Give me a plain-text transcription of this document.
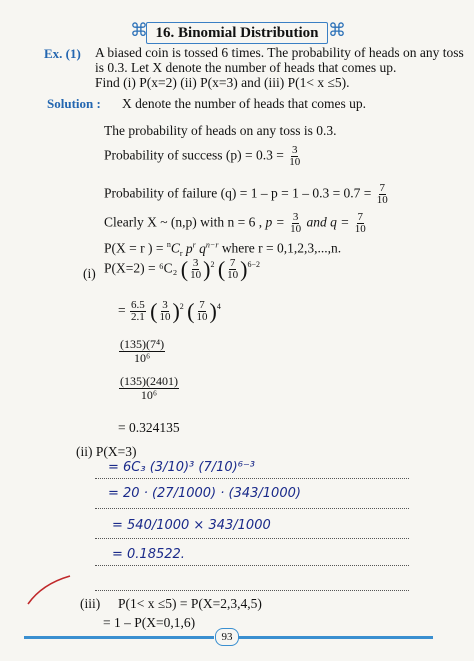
⌘ 16. Binomial Distribution ⌘
Ex. (1) A biased coin is tossed 6 times. The probability of heads on any toss
is 0.3. Let X denote the number of heads that comes up.
Find (i) P(x=2) (ii) P(x=3) and (iii) P(1< x ≤5).
Solution : X denote the number of heads that comes up.
The probability of heads on any toss is 0.3.
Probability of success $(p) = 0.3 = \frac{3}{10}$
Probability of failure $(q) = 1 - p = 1 - 0.3 = 0.7 = \frac{7}{10}$
Clearly X ~ (n,p) with n = 6 , $p = \frac{3}{10}$ and $q = \frac{7}{10}$
P(X = r ) = $^nC_r$ $p^r$ $q^{n-r}$ where r = 0,1,2,3,...,n.
(i) P(X=2) = ⁶C₂ ( $\frac{3}{10} )^2$ ( $\frac{7}{10} )^{6-2}$
= $\frac{6.5}{2.1}$ ( $\frac{3}{10} )^2$ ( $\frac{7}{10} )^4$
$\frac{\text{(135)(7⁴)}}{\text{10⁶}}$
$\frac{(135)(2401)}{\text{10⁶}}$
= 0.324135
(ii) P(X=3)
= 6C₃ (3/10)³ (7/10)⁶⁻³
= 20 · (27/1000) · (343/1000)
= 540/1000 × 343/1000
= 0.18522.
(iii) P(1< x ≤5) = P(X=2,3,4,5)
= 1 – P(X=0,1,6)
93
